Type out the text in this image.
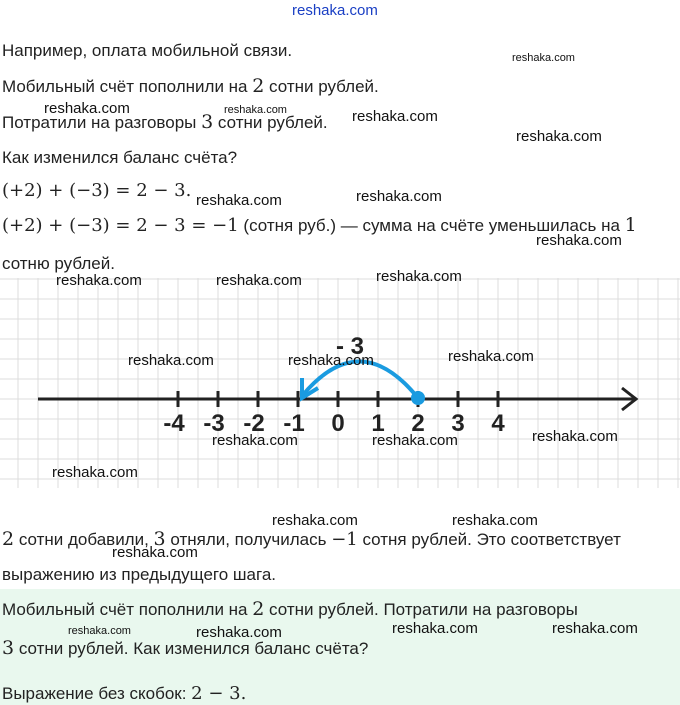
reshaka.com
Например, оплата мобильной связи.
Мобильный счёт пополнили на 2 сотни рублей.
Потратили на разговоры 3 сотни рублей.
Как изменился баланс счёта?
(+2) + (−3) = 2 − 3.
(+2) + (−3) = 2 − 3 = −1 (сотня руб.) — сумма на счёте уменьшилась на 1
сотню рублей.
-4 -3 -2 -1 0 1 2 3 4
- 3
2 сотни добавили, 3 отняли, получилась −1 сотня рублей. Это соответствует
выражению из предыдущего шага.
Мобильный счёт пополнили на 2 сотни рублей. Потратили на разговоры
3 сотни рублей. Как изменился баланс счёта?
Выражение без скобок: 2 − 3.
reshaka.com
reshaka.com	reshaka.com	reshaka.com
reshaka.com
reshaka.com	reshaka.com
reshaka.com
reshaka.com	reshaka.com	reshaka.com
reshaka.com	reshaka.com	reshaka.com
reshaka.com	reshaka.com	reshaka.com
reshaka.com
reshaka.com	reshaka.com
reshaka.com
reshaka.com	reshaka.com	reshaka.com	reshaka.com
